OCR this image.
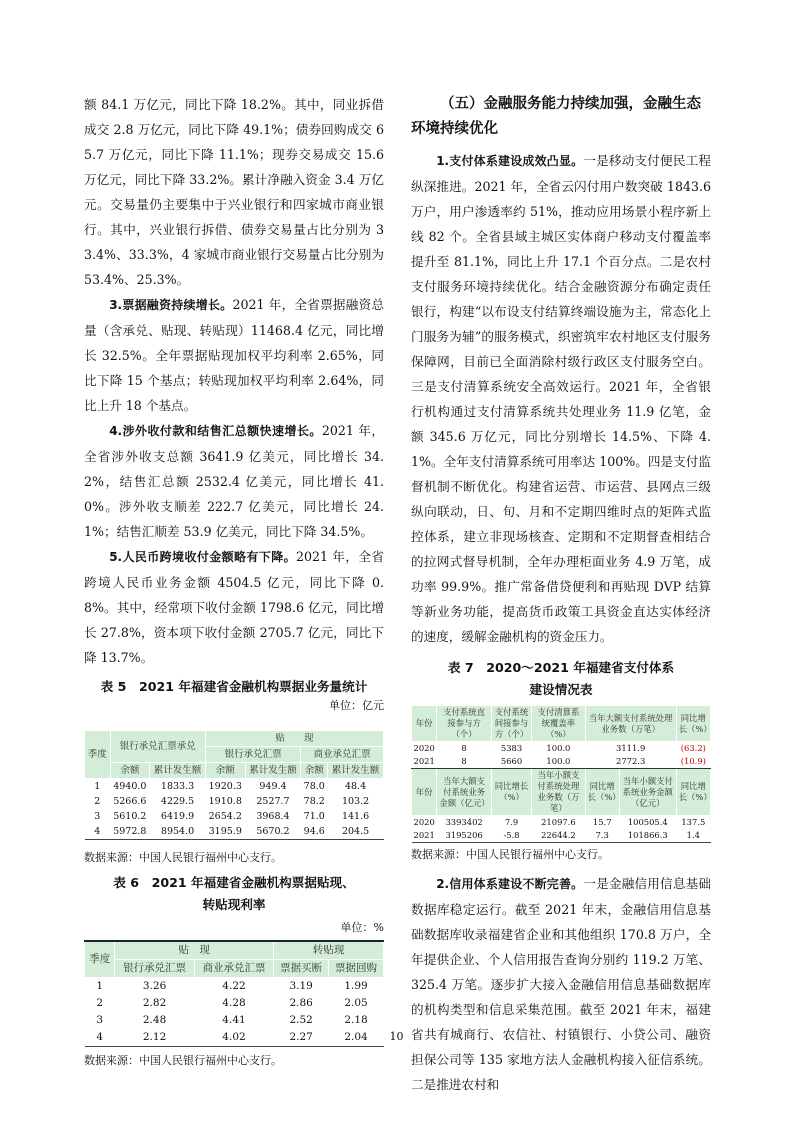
额 84.1 万亿元，同比下降 18.2%。其中，同业拆借成交 2.8 万亿元，同比下降 49.1%；债券回购成交 65.7 万亿元，同比下降 11.1%；现券交易成交 15.6 万亿元，同比下降 33.2%。累计净融入资金 3.4 万亿元。交易量仍主要集中于兴业银行和四家城市商业银行。其中，兴业银行拆借、债券交易量占比分别为 33.4%、33.3%，4 家城市商业银行交易量占比分别为 53.4%、25.3%。

3.票据融资持续增长。2021 年，全省票据融资总量（含承兑、贴现、转贴现）11468.4 亿元，同比增长 32.5%。全年票据贴现加权平均利率 2.65%，同比下降 15 个基点；转贴现加权平均利率 2.64%，同比上升 18 个基点。

4.涉外收付款和结售汇总额快速增长。2021 年，全省涉外收支总额 3641.9 亿美元，同比增长 34.2%，结售汇总额 2532.4 亿美元，同比增长 41.0%。涉外收支顺差 222.7 亿美元，同比增长 24.1%；结售汇顺差 53.9 亿美元，同比下降 34.5%。

5.人民币跨境收付金额略有下降。2021 年，全省跨境人民币业务金额 4504.5 亿元，同比下降 0.8%。其中，经常项下收付金额 1798.6 亿元，同比增长 27.8%，资本项下收付金额 2705.7 亿元，同比下降 13.7%。

表 5　2021 年福建省金融机构票据业务量统计
单位：亿元
季度	银行承兑汇票承兑		贴　　现			
			银行承兑汇票		商业承兑汇票	
	余额	累计发生额	余额	累计发生额	余额	累计发生额
1	4940.0	1833.3	1920.3	949.4	78.0	48.4
2	5266.6	4229.5	1910.8	2527.7	78.2	103.2
3	5610.2	6419.9	2654.2	3968.4	71.0	141.6
4	5972.8	8954.0	3195.9	5670.2	94.6	204.5
数据来源：中国人民银行福州中心支行。
表 6　2021 年福建省金融机构票据贴现、
转贴现利率
单位：%
季度	贴　现		转贴现	
	银行承兑汇票	商业承兑汇票	票据买断	票据回购
1	3.26	4.22	3.19	1.99
2	2.82	4.28	2.86	2.05
3	2.48	4.41	2.52	2.18
4	2.12	4.02	2.27	2.04
数据来源：中国人民银行福州中心支行。
（五）金融服务能力持续加强，金融生态环境持续优化

1.支付体系建设成效凸显。一是移动支付便民工程纵深推进。2021 年，全省云闪付用户数突破 1843.6 万户，用户渗透率约 51%，推动应用场景小程序新上线 82 个。全省县域主城区实体商户移动支付覆盖率提升至 81.1%，同比上升 17.1 个百分点。二是农村支付服务环境持续优化。结合金融资源分布确定责任银行，构建“以布设支付结算终端设施为主，常态化上门服务为辅”的服务模式，织密筑牢农村地区支付服务保障网，目前已全面消除村级行政区支付服务空白。三是支付清算系统安全高效运行。2021 年，全省银行机构通过支付清算系统共处理业务 11.9 亿笔，金额 345.6 万亿元，同比分别增长 14.5%、下降 4.1%。全年支付清算系统可用率达 100%。四是支付监督机制不断优化。构建省运营、市运营、县网点三级纵向联动，日、旬、月和不定期四维时点的矩阵式监控体系，建立非现场核查、定期和不定期督查相结合的拉网式督导机制，全年办理柜面业务 4.9 万笔，成功率 99.9%。推广常备借贷便利和再贴现 DVP 结算等新业务功能，提高货币政策工具资金直达实体经济的速度，缓解金融机构的资金压力。

表 7　2020～2021 年福建省支付体系
建设情况表
年份	支付系统直接参与方（个）	支付系统间接参与方（个）	支付清算系统覆盖率（%）	当年大额支付系统处理业务数（万笔）		同比增长（%）
2020	8	5383	100.0	3111.9		(63.2)
2021	8	5660	100.0	2772.3		(10.9)
年份	当年大额支付系统业务金额（亿元）	同比增长（%）	当年小额支付系统处理业务数（万笔）	同比增长（%）	当年小额支付系统业务金额（亿元）	同比增长（%）
2020	3393402	7.9	21097.6	15.7	100505.4	137.5
2021	3195206	-5.8	22644.2	7.3	101866.3	1.4
数据来源：中国人民银行福州中心支行。

2.信用体系建设不断完善。一是金融信用信息基础数据库稳定运行。截至 2021 年末，金融信用信息基础数据库收录福建省企业和其他组织 170.8 万户，全年提供企业、个人信用报告查询分别约 119.2 万笔、325.4 万笔。逐步扩大接入金融信用信息基础数据库的机构类型和信息采集范围。截至 2021 年末，福建省共有城商行、农信社、村镇银行、小贷公司、融资担保公司等 135 家地方法人金融机构接入征信系统。二是推进农村和

10
